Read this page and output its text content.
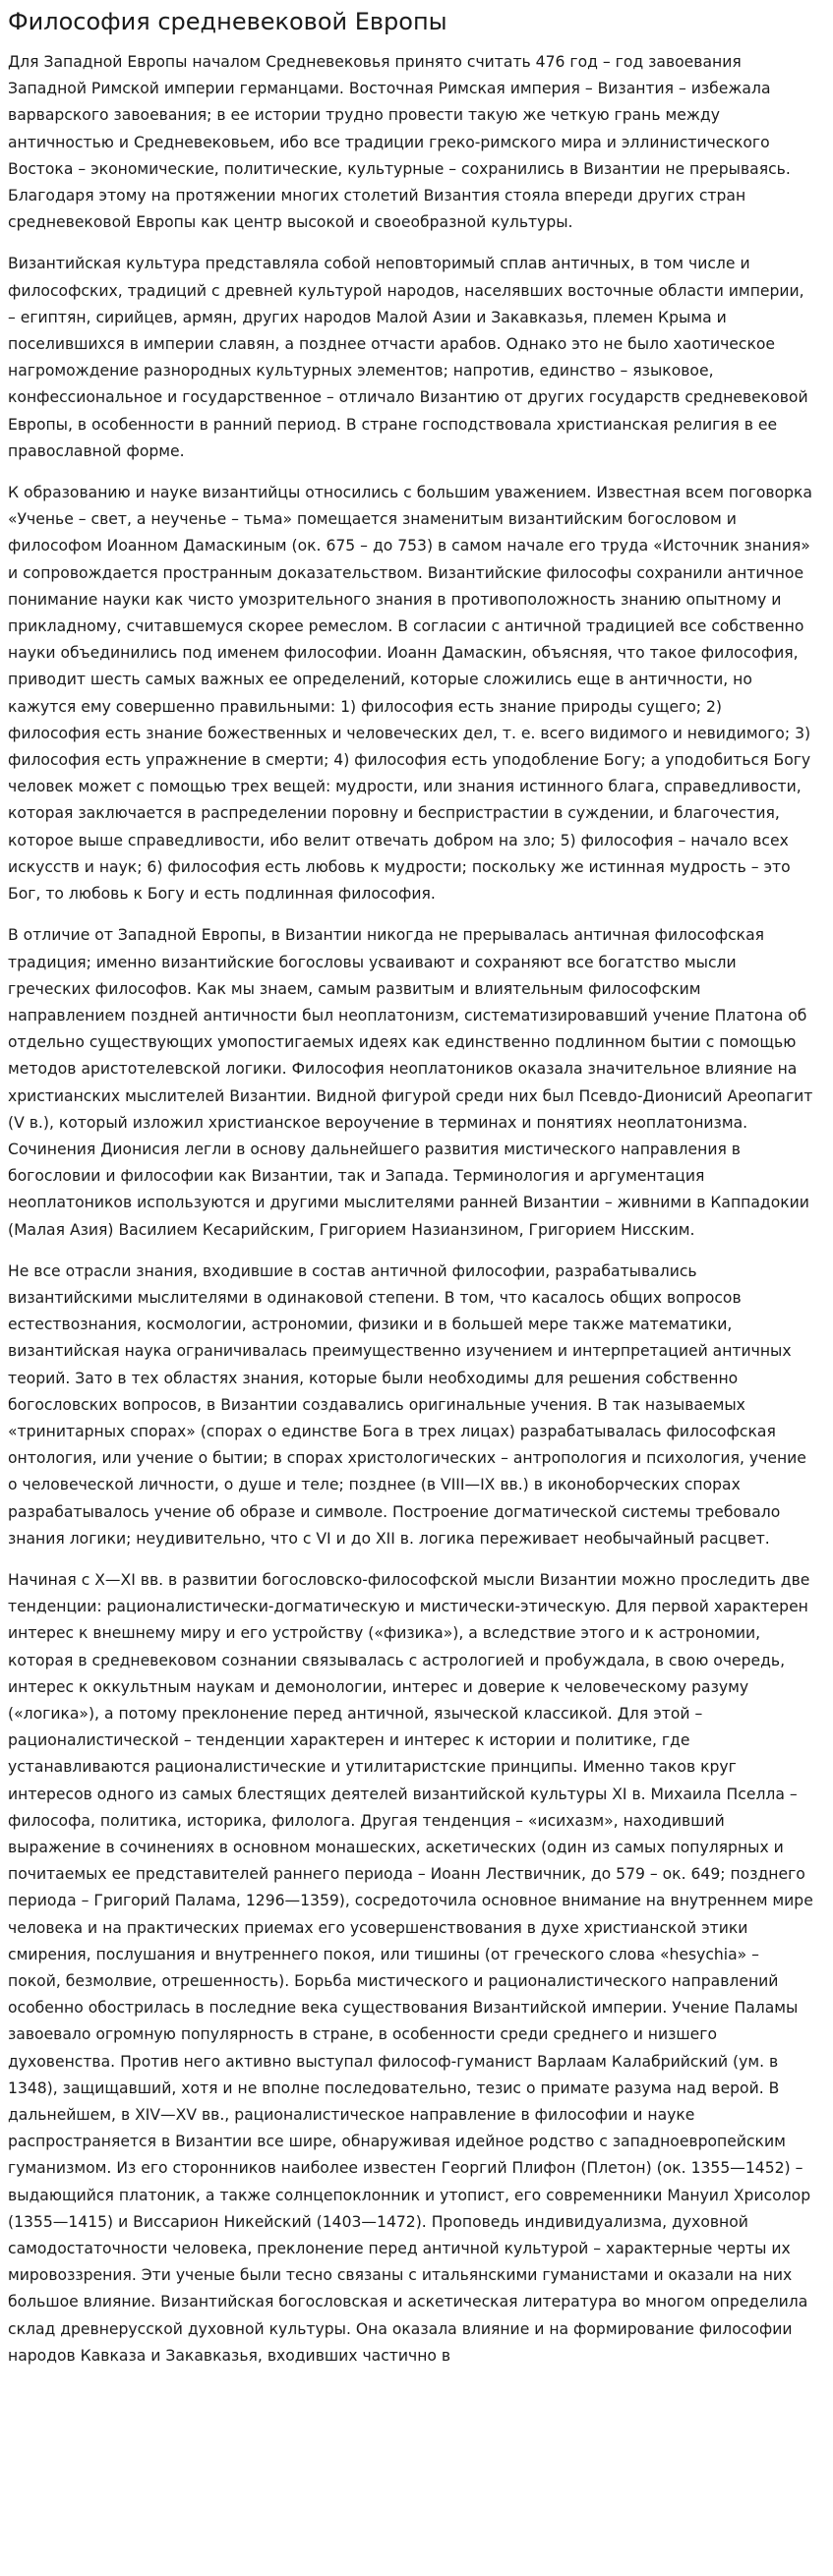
Философия средневековой Европы

Для Западной Европы началом Средневековья принято считать 476 год – год завоевания Западной Римской империи германцами. Восточная Римская империя – Византия – избежала варварского завоевания; в ее истории трудно провести такую же четкую грань между античностью и Средневековьем, ибо все традиции греко-римского мира и эллинистического Востока – экономические, политические, культурные – сохранились в Византии не прерываясь. Благодаря этому на протяжении многих столетий Византия стояла впереди других стран средневековой Европы как центр высокой и своеобразной культуры.

Византийская культура представляла собой неповторимый сплав античных, в том числе и философских, традиций с древней культурой народов, населявших восточные области империи, – египтян, сирийцев, армян, других народов Малой Азии и Закавказья, племен Крыма и поселившихся в империи славян, а позднее отчасти арабов. Однако это не было хаотическое нагромождение разнородных культурных элементов; напротив, единство – языковое, конфессиональное и государственное – отличало Византию от других государств средневековой Европы, в особенности в ранний период. В стране господствовала христианская религия в ее православной форме.

К образованию и науке византийцы относились с большим уважением. Известная всем поговорка «Ученье – свет, а неученье – тьма» помещается знаменитым византийским богословом и философом Иоанном Дамаскиным (ок. 675 – до 753) в самом начале его труда «Источник знания» и сопровождается пространным доказательством. Византийские философы сохранили античное понимание науки как чисто умозрительного знания в противоположность знанию опытному и прикладному, считавшемуся скорее ремеслом. В согласии с античной традицией все собственно науки объединились под именем философии. Иоанн Дамаскин, объясняя, что такое философия, приводит шесть самых важных ее определений, которые сложились еще в античности, но кажутся ему совершенно правильными: 1) философия есть знание природы сущего; 2) философия есть знание божественных и человеческих дел, т. е. всего видимого и невидимого; 3) философия есть упражнение в смерти; 4) философия есть уподобление Богу; а уподобиться Богу человек может с помощью трех вещей: мудрости, или знания истинного блага, справедливости, которая заключается в распределении поровну и беспристрастии в суждении, и благочестия, которое выше справедливости, ибо велит отвечать добром на зло; 5) философия – начало всех искусств и наук; 6) философия есть любовь к мудрости; поскольку же истинная мудрость – это Бог, то любовь к Богу и есть подлинная философия.

В отличие от Западной Европы, в Византии никогда не прерывалась античная философская традиция; именно византийские богословы усваивают и сохраняют все богатство мысли греческих философов. Как мы знаем, самым развитым и влиятельным философским направлением поздней античности был неоплатонизм, систематизировавший учение Платона об отдельно существующих умопостигаемых идеях как единственно подлинном бытии с помощью методов аристотелевской логики. Философия неоплатоников оказала значительное влияние на христианских мыслителей Византии. Видной фигурой среди них был Псевдо-Дионисий Ареопагит (V в.), который изложил христианское вероучение в терминах и понятиях неоплатонизма. Сочинения Дионисия легли в основу дальнейшего развития мистического направления в богословии и философии как Византии, так и Запада. Терминология и аргументация неоплатоников используются и другими мыслителями ранней Византии – живними в Каппадокии (Малая Азия) Василием Кесарийским, Григорием Назианзином, Григорием Нисским.

Не все отрасли знания, входившие в состав античной философии, разрабатывались византийскими мыслителями в одинаковой степени. В том, что касалось общих вопросов естествознания, космологии, астрономии, физики и в большей мере также математики, византийская наука ограничивалась преимущественно изучением и интерпретацией античных теорий. Зато в тех областях знания, которые были необходимы для решения собственно богословских вопросов, в Византии создавались оригинальные учения. В так называемых «тринитарных спорах» (спорах о единстве Бога в трех лицах) разрабатывалась философская онтология, или учение о бытии; в спорах христологических – антропология и психология, учение о человеческой личности, о душе и теле; позднее (в VIII—IX вв.) в иконоборческих спорах разрабатывалось учение об образе и символе. Построение догматической системы требовало знания логики; неудивительно, что с VI и до XII в. логика переживает необычайный расцвет.

Начиная с X—XI вв. в развитии богословско-философской мысли Византии можно проследить две тенденции: рационалистически-догматическую и мистически-этическую. Для первой характерен интерес к внешнему миру и его устройству («физика»), а вследствие этого и к астрономии, которая в средневековом сознании связывалась с астрологией и пробуждала, в свою очередь, интерес к оккультным наукам и демонологии, интерес и доверие к человеческому разуму («логика»), а потому преклонение перед античной, языческой классикой. Для этой – рационалистической – тенденции характерен и интерес к истории и политике, где устанавливаются рационалистические и утилитаристские принципы. Именно таков круг интересов одного из самых блестящих деятелей византийской культуры XI в. Михаила Пселла – философа, политика, историка, филолога. Другая тенденция – «исихазм», находивший выражение в сочинениях в основном монашеских, аскетических (один из самых популярных и почитаемых ее представителей раннего периода – Иоанн Лествичник, до 579 – ок. 649; позднего периода – Григорий Палама, 1296—1359), сосредоточила основное внимание на внутреннем мире человека и на практических приемах его усовершенствования в духе христианской этики смирения, послушания и внутреннего покоя, или тишины (от греческого слова «hesychia» – покой, безмолвие, отрешенность). Борьба мистического и рационалистического направлений особенно обострилась в последние века существования Византийской империи. Учение Паламы завоевало огромную популярность в стране, в особенности среди среднего и низшего духовенства. Против него активно выступал философ-гуманист Варлаам Калабрийский (ум. в 1348), защищавший, хотя и не вполне последовательно, тезис о примате разума над верой. В дальнейшем, в XIV—XV вв., рационалистическое направление в философии и науке распространяется в Византии все шире, обнаруживая идейное родство с западноевропейским гуманизмом. Из его сторонников наиболее известен Георгий Плифон (Плетон) (ок. 1355—1452) – выдающийся платоник, а также солнцепоклонник и утопист, его современники Мануил Хрисолор (1355—1415) и Виссарион Никейский (1403—1472). Проповедь индивидуализма, духовной самодостаточности человека, преклонение перед античной культурой – характерные черты их мировоззрения. Эти ученые были тесно связаны с итальянскими гуманистами и оказали на них большое влияние. Византийская богословская и аскетическая литература во многом определила склад древнерусской духовной культуры. Она оказала влияние и на формирование философии народов Кавказа и Закавказья, входивших частично в
